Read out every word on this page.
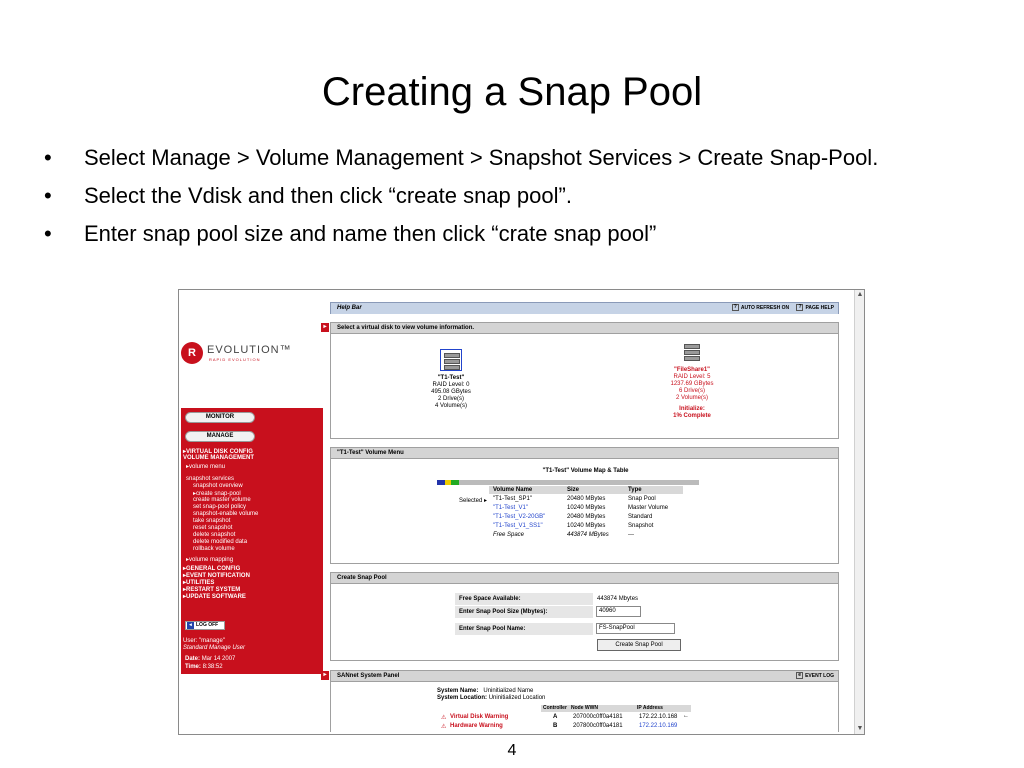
Creating a Snap Pool
• Select Manage > Volume Management > Snapshot Services > Create Snap-Pool.
• Select the Vdisk and then click “create snap pool”.
• Enter snap pool size and name then click “crate snap pool”
R	EVOLUTION™
RAPID EVOLUTION
MONITOR
MANAGE
▸VIRTUAL DISK CONFIG
VOLUME MANAGEMENT
▸volume menu
snapshot services
snapshot overview
▸create snap-pool
create master volume
set snap-pool policy
snapshot-enable volume
take snapshot
reset snapshot
delete snapshot
delete modified data
rollback volume
▸volume mapping
▸GENERAL CONFIG
▸EVENT NOTIFICATION
▸UTILITIES
▸RESTART SYSTEM
▸UPDATE SOFTWARE
◂ LOG OFF
User: "manage"
Standard Manage User
Date: Mar 14 2007
Time: 8:38:52
Help Bar	? AUTO REFRESH ON ? PAGE HELP
▸	Select a virtual disk to view volume information.
"T1-Test"
RAID Level: 0
495.08 GBytes
2 Drive(s)
4 Volume(s)
"FileShare1"
RAID Level: 5
1237.69 GBytes
6 Drive(s)
2 Volume(s)
Initialize:
1% Complete
"T1-Test" Volume Menu
"T1-Test" Volume Map & Table
Selected ▸
Volume Name	Size	Type
"T1-Test_SP1"	20480 MBytes	Snap Pool
"T1-Test_V1"	10240 MBytes	Master Volume
"T1-Test_V2-20GB"	20480 MBytes	Standard
"T1-Test_V1_SS1"	10240 MBytes	Snapshot
Free Space	443874 MBytes	---
Create Snap Pool
Free Space Available:	443874 Mbytes
Enter Snap Pool Size (Mbytes):	40960
Enter Snap Pool Name:	FS-SnapPool
Create Snap Pool
▸	SANnet System Panel	e EVENT LOG
System Name: Uninitialized Name
System Location: Uninitialized Location
Controller Node WWN	IP Address
⚠ Virtual Disk Warning	A	207000c0ff0a4181	172.22.10.168 ←
⚠ Hardware Warning	B	207800c0ff0a4181	172.22.10.169
▲
▼
4
